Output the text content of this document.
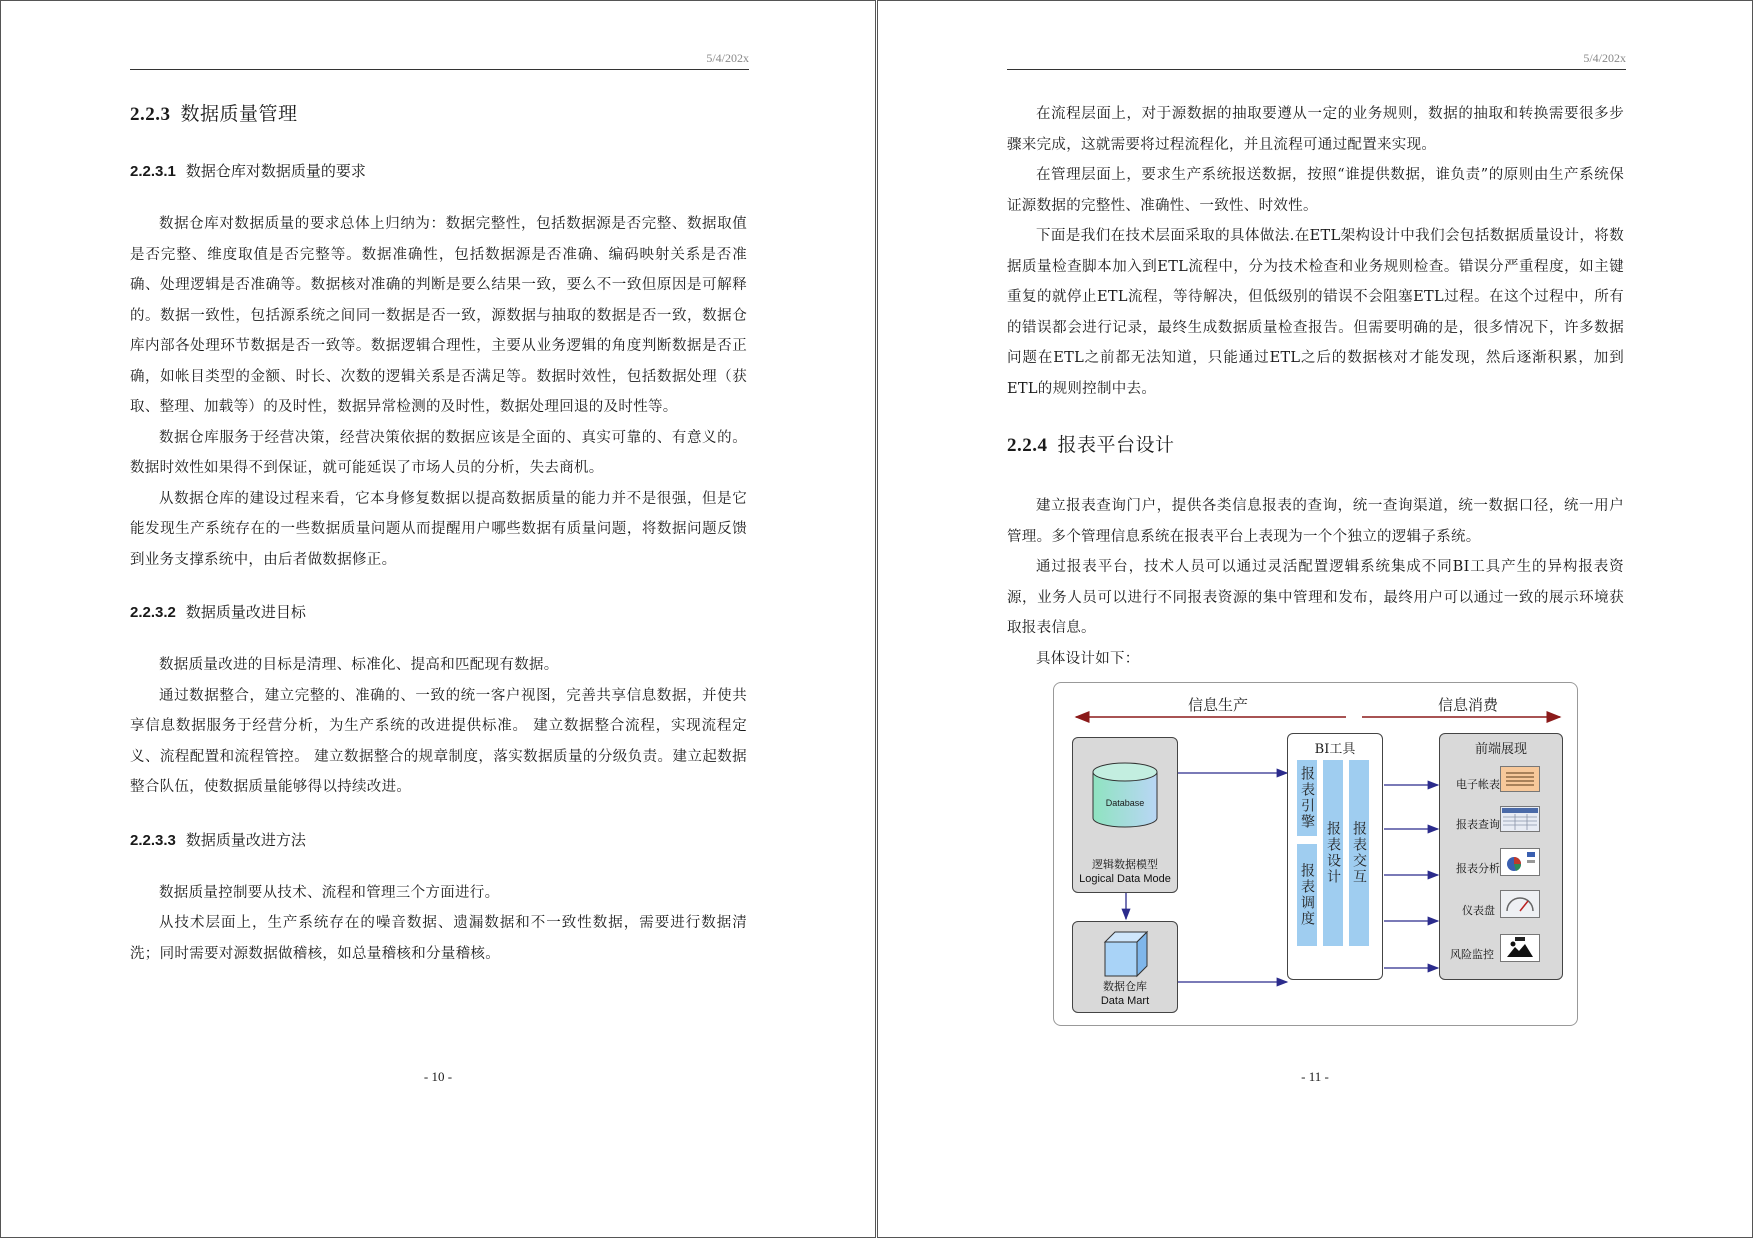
5/4/202x
2.2.3 数据质量管理
2.2.3.1 数据仓库对数据质量的要求

数据仓库对数据质量的要求总体上归纳为：数据完整性，包括数据源是否完整、数据取值是否完整、维度取值是否完整等。数据准确性，包括数据源是否准确、编码映射关系是否准确、处理逻辑是否准确等。数据核对准确的判断是要么结果一致，要么不一致但原因是可解释的。数据一致性，包括源系统之间同一数据是否一致，源数据与抽取的数据是否一致，数据仓库内部各处理环节数据是否一致等。数据逻辑合理性，主要从业务逻辑的角度判断数据是否正确，如帐目类型的金额、时长、次数的逻辑关系是否满足等。数据时效性，包括数据处理（获取、整理、加载等）的及时性，数据异常检测的及时性，数据处理回退的及时性等。

数据仓库服务于经营决策，经营决策依据的数据应该是全面的、真实可靠的、有意义的。数据时效性如果得不到保证，就可能延误了市场人员的分析，失去商机。

从数据仓库的建设过程来看，它本身修复数据以提高数据质量的能力并不是很强，但是它能发现生产系统存在的一些数据质量问题从而提醒用户哪些数据有质量问题，将数据问题反馈到业务支撑系统中，由后者做数据修正。

2.2.3.2 数据质量改进目标

数据质量改进的目标是清理、标准化、提高和匹配现有数据。

通过数据整合，建立完整的、准确的、一致的统一客户视图，完善共享信息数据，并使共享信息数据服务于经营分析，为生产系统的改进提供标准。 建立数据整合流程，实现流程定义、流程配置和流程管控。 建立数据整合的规章制度，落实数据质量的分级负责。建立起数据整合队伍，使数据质量能够得以持续改进。

2.2.3.3 数据质量改进方法

数据质量控制要从技术、流程和管理三个方面进行。

从技术层面上，生产系统存在的噪音数据、遗漏数据和不一致性数据，需要进行数据清洗；同时需要对源数据做稽核，如总量稽核和分量稽核。

- 10 -
5/4/202x

在流程层面上，对于源数据的抽取要遵从一定的业务规则，数据的抽取和转换需要很多步骤来完成，这就需要将过程流程化，并且流程可通过配置来实现。

在管理层面上，要求生产系统报送数据，按照“谁提供数据，谁负责”的原则由生产系统保证源数据的完整性、准确性、一致性、时效性。

下面是我们在技术层面采取的具体做法.在ETL架构设计中我们会包括数据质量设计，将数据质量检查脚本加入到ETL流程中，分为技术检查和业务规则检查。错误分严重程度，如主键重复的就停止ETL流程，等待解决，但低级别的错误不会阻塞ETL过程。在这个过程中，所有的错误都会进行记录，最终生成数据质量检查报告。但需要明确的是，很多情况下，许多数据问题在ETL之前都无法知道，只能通过ETL之后的数据核对才能发现，然后逐渐积累，加到ETL的规则控制中去。

2.2.4 报表平台设计

建立报表查询门户，提供各类信息报表的查询，统一查询渠道，统一数据口径，统一用户管理。多个管理信息系统在报表平台上表现为一个个独立的逻辑子系统。

通过报表平台，技术人员可以通过灵活配置逻辑系统集成不同BI工具产生的异构报表资源，业务人员可以进行不同报表资源的集中管理和发布，最终用户可以通过一致的展示环境获取报表信息。

具体设计如下：

信息生产	信息消费
Database
逻辑数据模型
Logical Data Mode
数据仓库
Data Mart
BI工具
报表引擎
报表调度
报表设计 报表交互
前端展现
电子帐表
报表查询
报表分析
仪表盘
风险监控
- 11 -
